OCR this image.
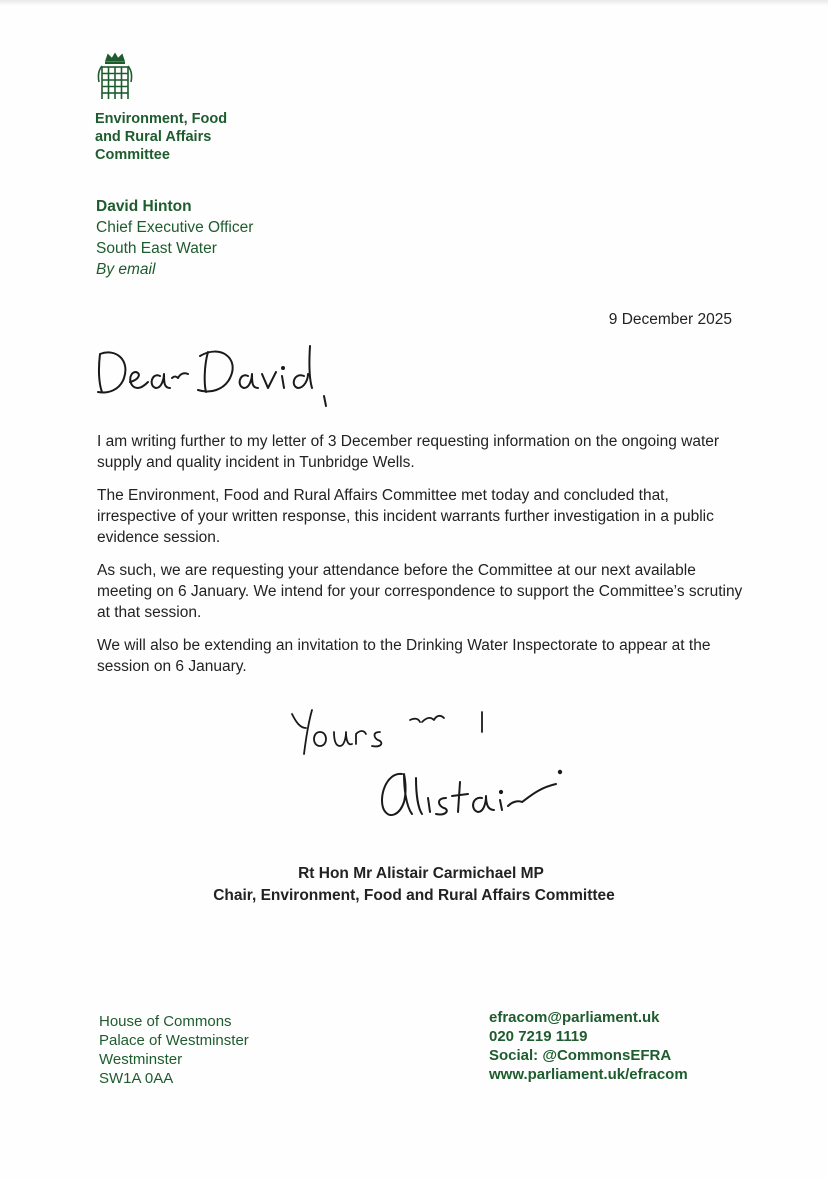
Environment, Food
and Rural Affairs
Committee
David Hinton
Chief Executive Officer
South East Water
By email
9 December 2025

I am writing further to my letter of 3 December requesting information on the ongoing water supply and quality incident in Tunbridge Wells.

The Environment, Food and Rural Affairs Committee met today and concluded that, irrespective of your written response, this incident warrants further investigation in a public evidence session.

As such, we are requesting your attendance before the Committee at our next available meeting on 6 January. We intend for your correspondence to support the Committee’s scrutiny at that session.

We will also be extending an invitation to the Drinking Water Inspectorate to appear at the session on 6 January.

Rt Hon Mr Alistair Carmichael MP
Chair, Environment, Food and Rural Affairs Committee
House of Commons
Palace of Westminster
Westminster
SW1A 0AA
efracom@parliament.uk
020 7219 1119
Social: @CommonsEFRA
www.parliament.uk/efracom
